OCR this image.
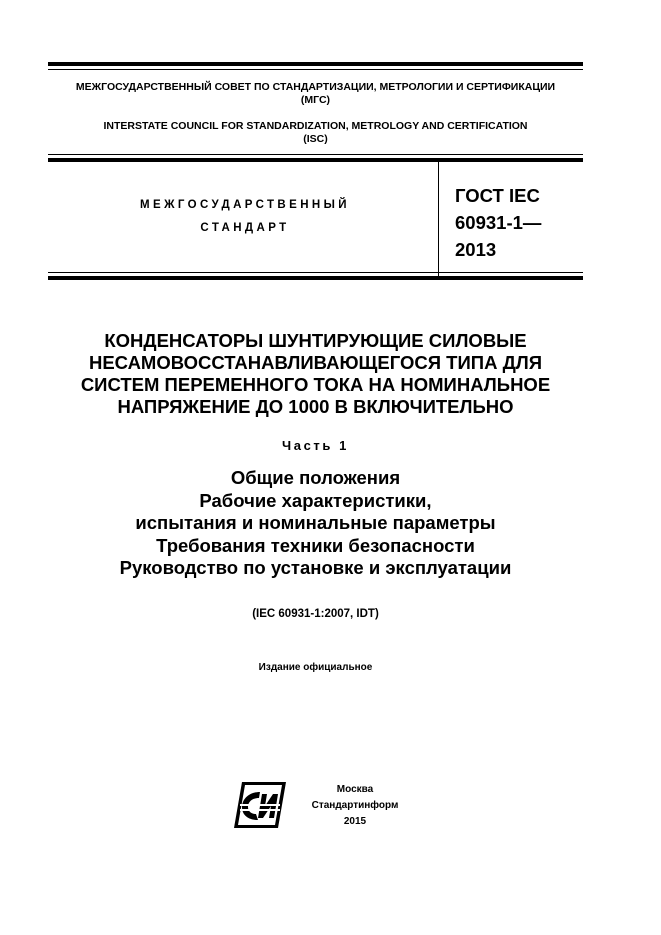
МЕЖГОСУДАРСТВЕННЫЙ СОВЕТ ПО СТАНДАРТИЗАЦИИ, МЕТРОЛОГИИ И СЕРТИФИКАЦИИ
(МГС)
INTERSTATE COUNCIL FOR STANDARDIZATION, METROLOGY AND CERTIFICATION
(ISC)
МЕЖГОСУДАРСТВЕННЫЙ
СТАНДАРТ
ГОСТ IEC
60931-1—
2013
КОНДЕНСАТОРЫ ШУНТИРУЮЩИЕ СИЛОВЫЕ
НЕСАМОВОССТАНАВЛИВАЮЩЕГОСЯ ТИПА ДЛЯ
СИСТЕМ ПЕРЕМЕННОГО ТОКА НА НОМИНАЛЬНОЕ
НАПРЯЖЕНИЕ ДО 1000 В ВКЛЮЧИТЕЛЬНО
Часть 1
Общие положения
Рабочие характеристики,
испытания и номинальные параметры
Требования техники безопасности
Руководство по установке и эксплуатации
(IEC 60931-1:2007, IDT)
Издание официальное
Москва
Стандартинформ
2015
